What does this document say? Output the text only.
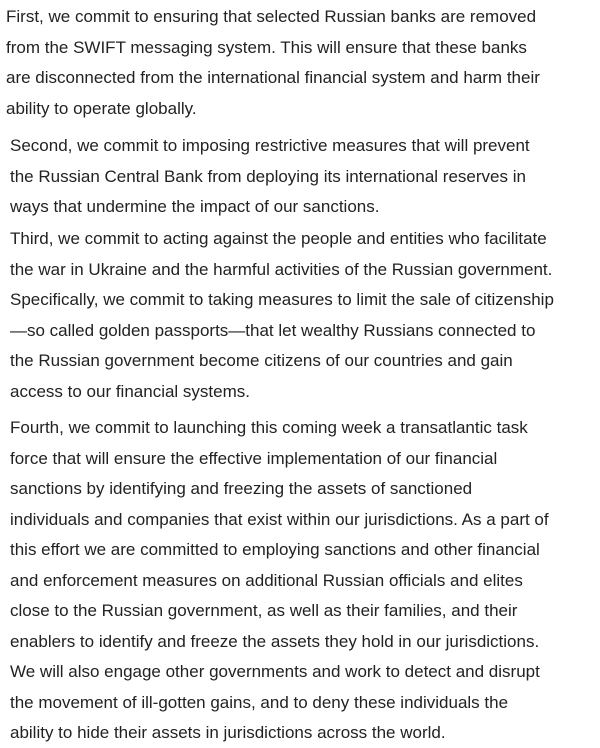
First, we commit to ensuring that selected Russian banks are removed
from the SWIFT messaging system. This will ensure that these banks
are disconnected from the international financial system and harm their
ability to operate globally.

Second, we commit to imposing restrictive measures that will prevent
the Russian Central Bank from deploying its international reserves in
ways that undermine the impact of our sanctions.

Third, we commit to acting against the people and entities who facilitate
the war in Ukraine and the harmful activities of the Russian government.
Specifically, we commit to taking measures to limit the sale of citizenship
—so called golden passports—that let wealthy Russians connected to
the Russian government become citizens of our countries and gain
access to our financial systems.

Fourth, we commit to launching this coming week a transatlantic task
force that will ensure the effective implementation of our financial
sanctions by identifying and freezing the assets of sanctioned
individuals and companies that exist within our jurisdictions. As a part of
this effort we are committed to employing sanctions and other financial
and enforcement measures on additional Russian officials and elites
close to the Russian government, as well as their families, and their
enablers to identify and freeze the assets they hold in our jurisdictions.
We will also engage other governments and work to detect and disrupt
the movement of ill-gotten gains, and to deny these individuals the
ability to hide their assets in jurisdictions across the world.
